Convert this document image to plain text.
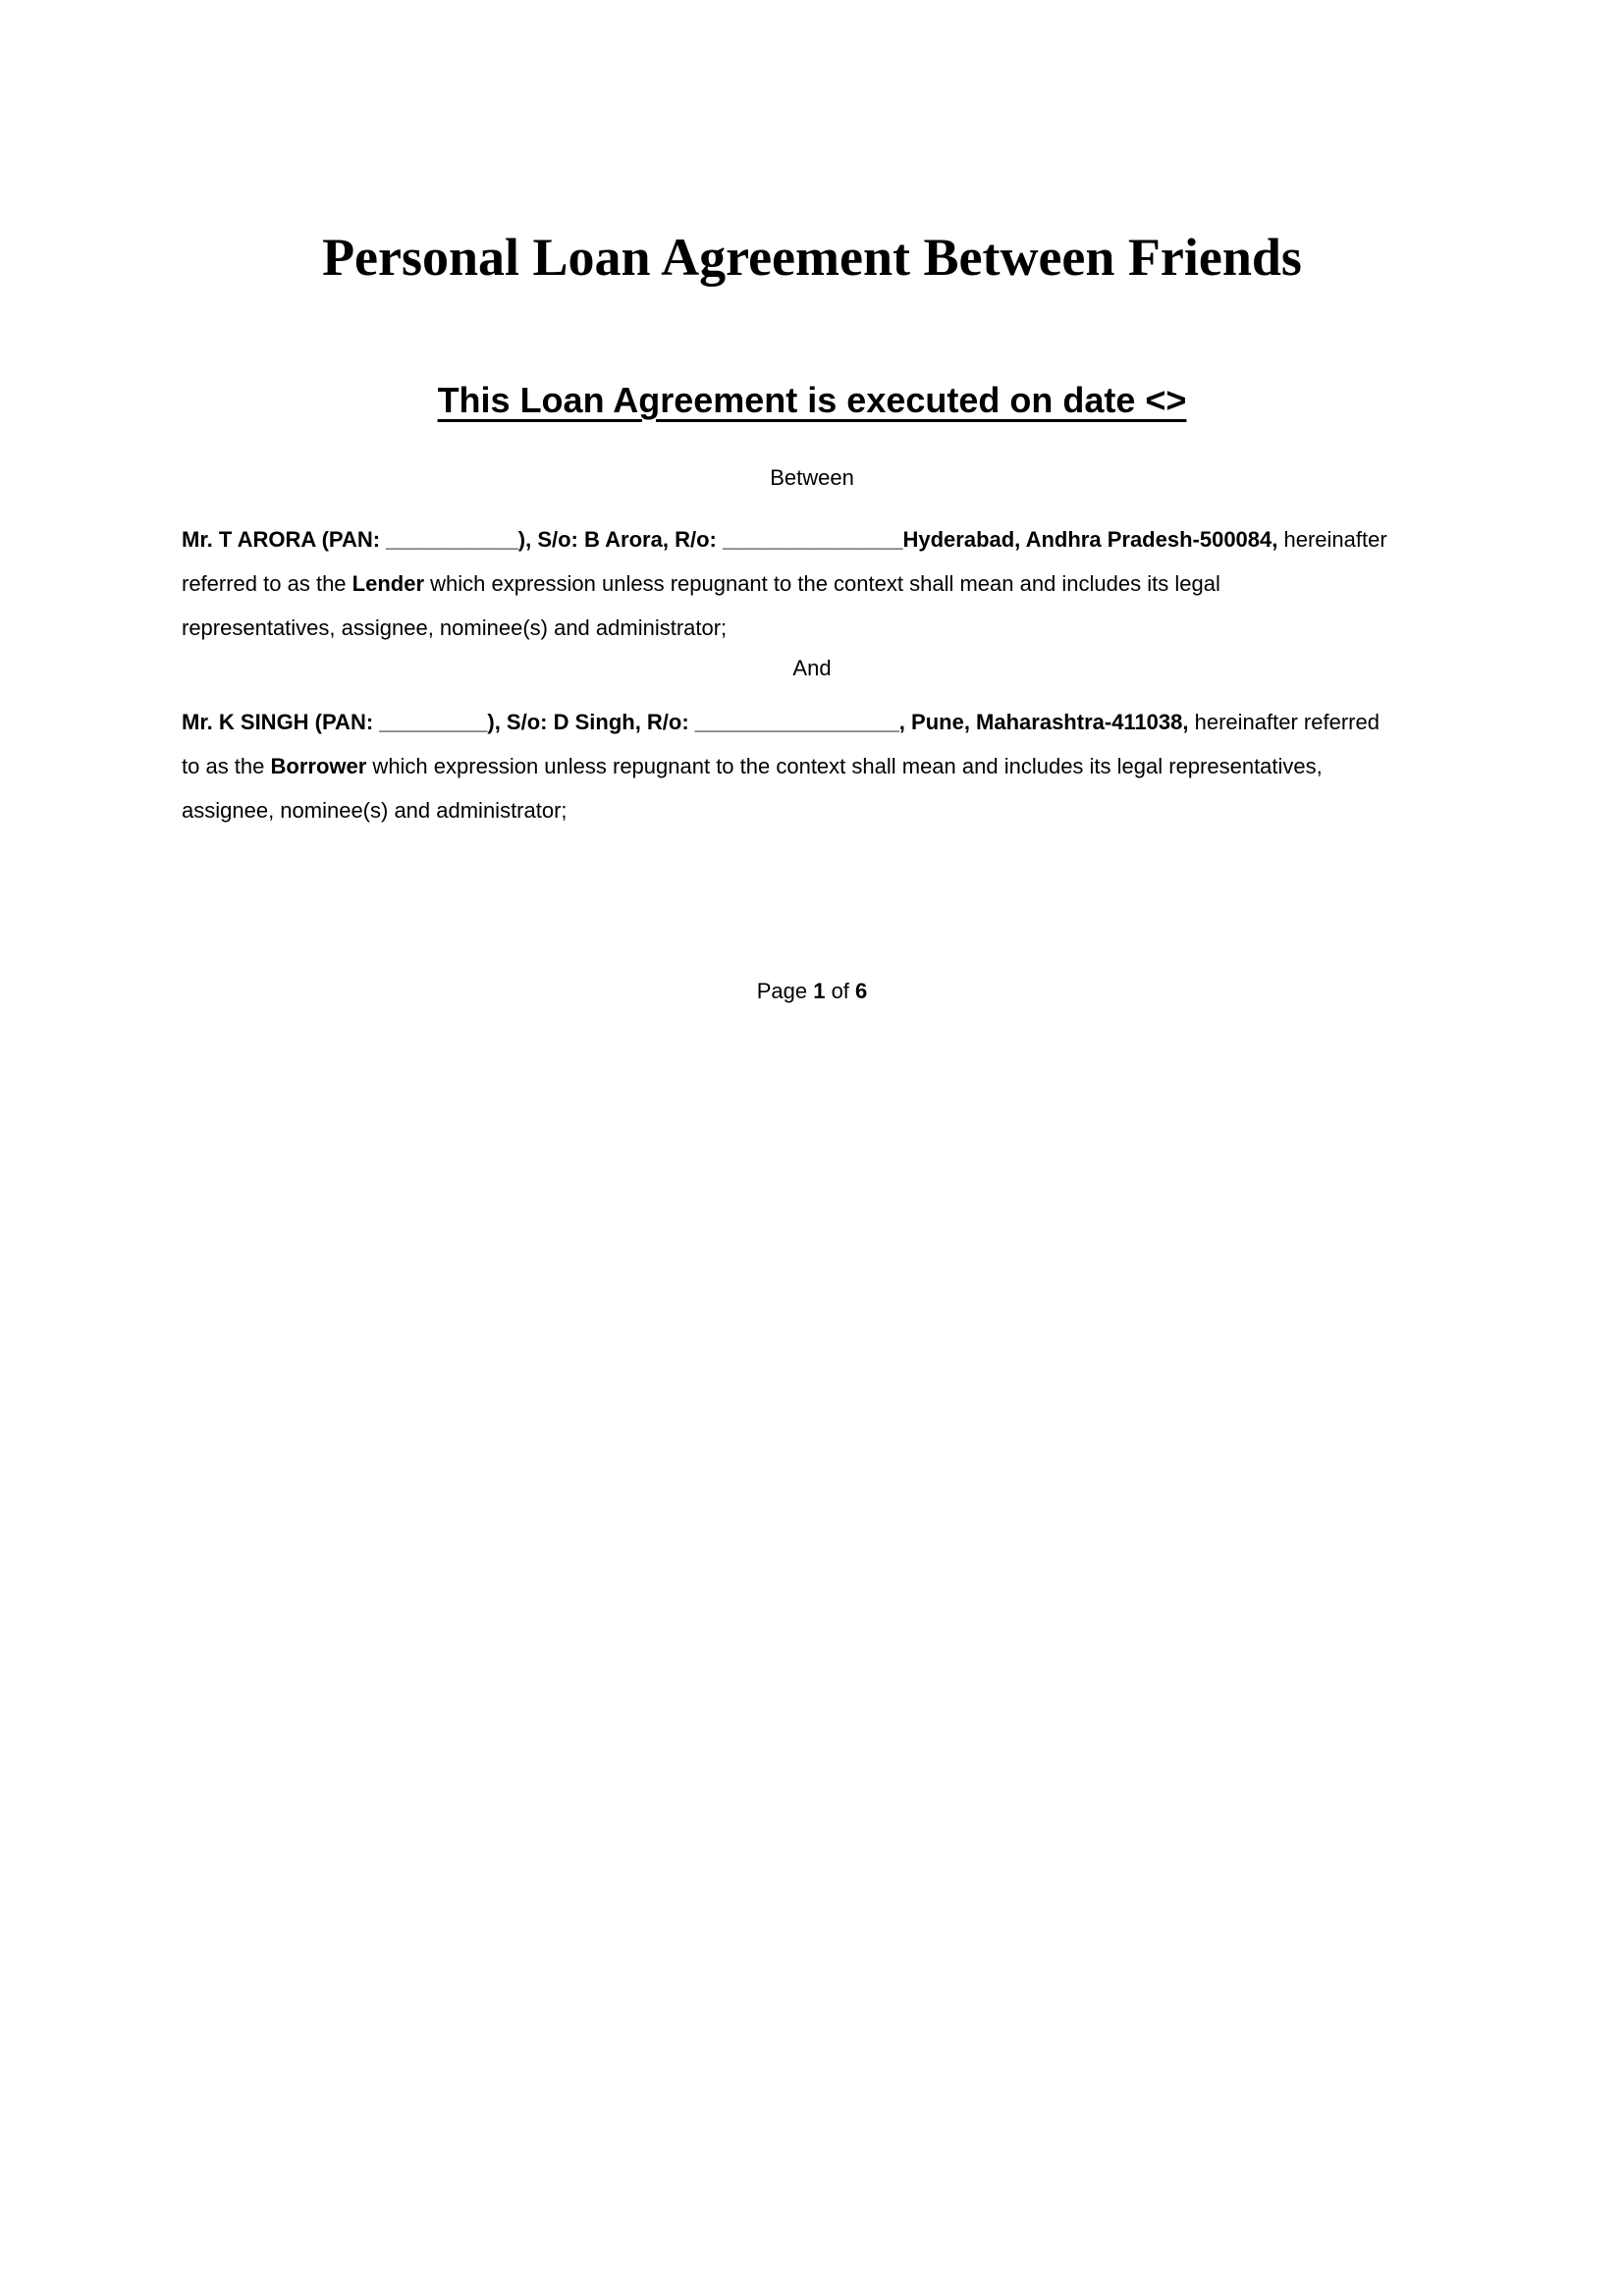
Personal Loan Agreement Between Friends
This Loan Agreement is executed on date <>

Between

Mr. T ARORA (PAN: ___________), S/o: B Arora, R/o: _______________Hyderabad, Andhra Pradesh-500084, hereinafter
referred to as the Lender which expression unless repugnant to the context shall mean and includes its legal
representatives, assignee, nominee(s) and administrator;

And

Mr. K SINGH (PAN: _________), S/o: D Singh, R/o: _________________, Pune, Maharashtra-411038, hereinafter referred
to as the Borrower which expression unless repugnant to the context shall mean and includes its legal representatives,
assignee, nominee(s) and administrator;
Page 1 of 6
